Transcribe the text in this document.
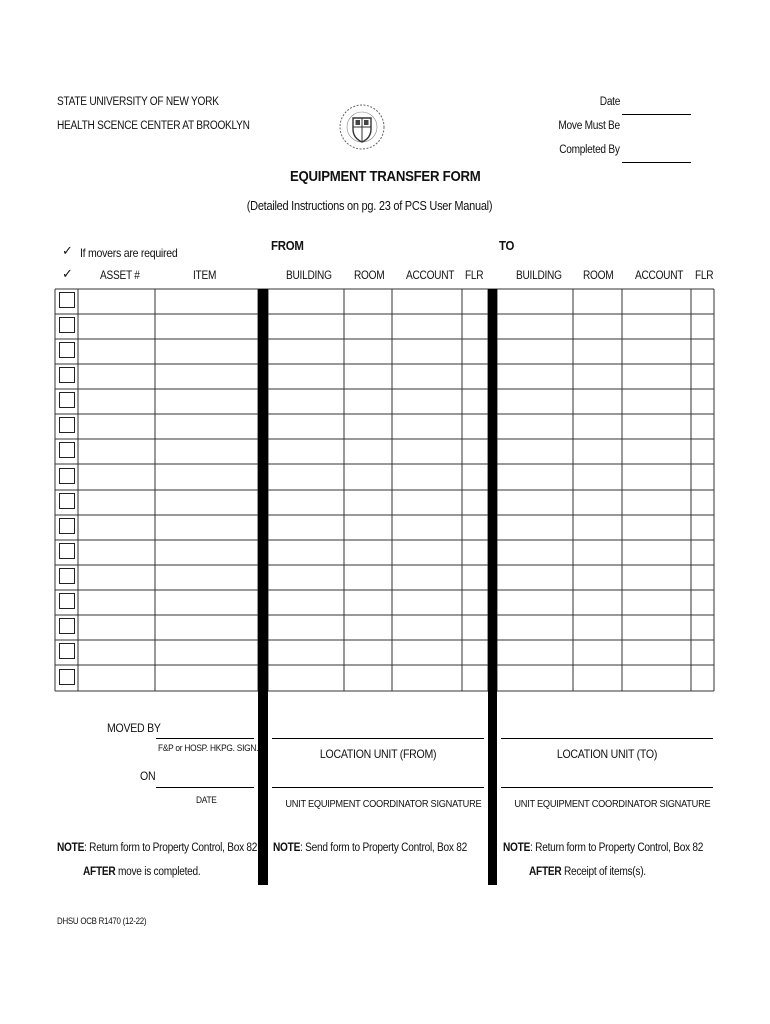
STATE UNIVERSITY OF NEW YORK
HEALTH SCENCE CENTER AT BROOKLYN
Date
Move Must Be
Completed By
EQUIPMENT TRANSFER FORM
(Detailed Instructions on pg. 23 of PCS User Manual)
✓ If movers are required
✓
FROM	TO
ASSET #	ITEM	BUILDING ROOM ACCOUNT FLR	BUILDING ROOM ACCOUNT FLR
MOVED BY
F&P or HOSP. HKPG. SIGN.
ON
DATE
LOCATION UNIT (FROM)
UNIT EQUIPMENT COORDINATOR SIGNATURE
LOCATION UNIT (TO)
UNIT EQUIPMENT COORDINATOR SIGNATURE
NOTE: Return form to Property Control, Box 82
AFTER move is completed.
NOTE: Send form to Property Control, Box 82	NOTE: Return form to Property Control, Box 82
AFTER Receipt of items(s).
DHSU OCB R1470 (12-22)
